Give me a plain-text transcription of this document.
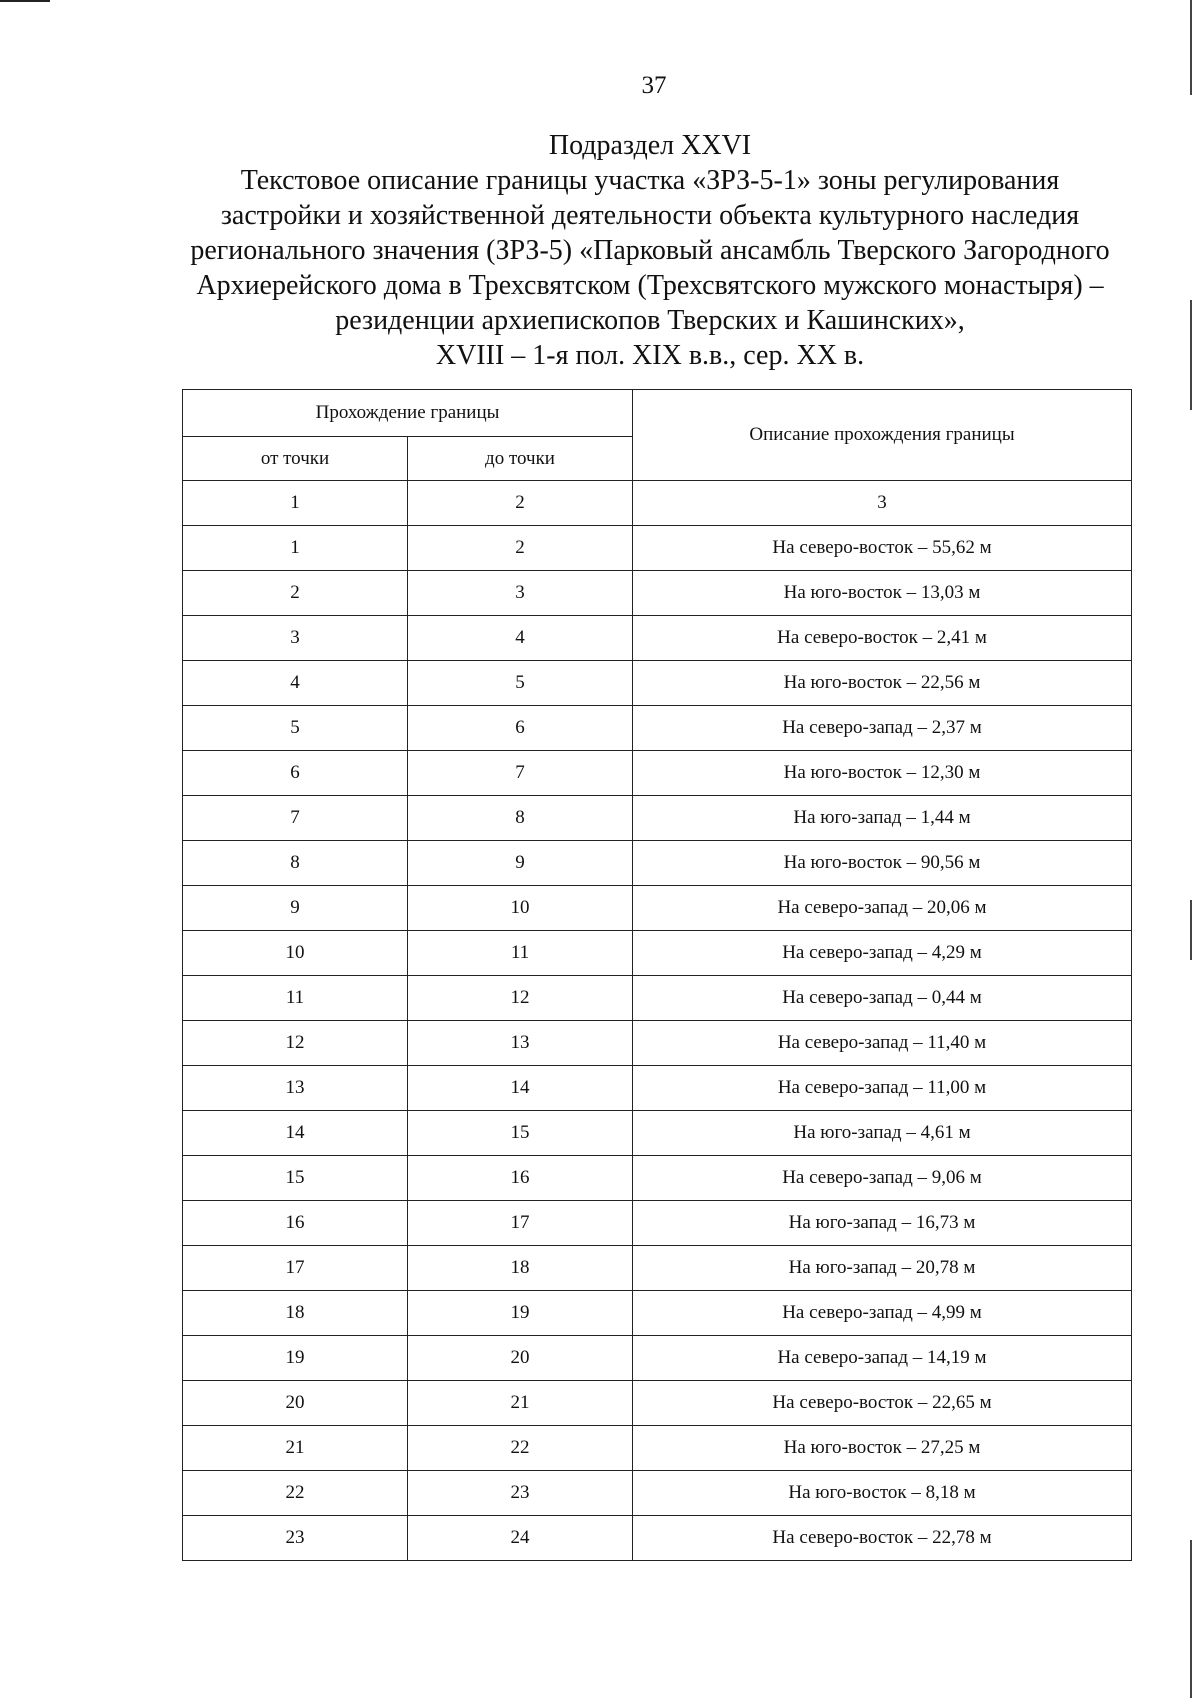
37
Подраздел XXVI
Текстовое описание границы участка «ЗРЗ-5-1» зоны регулирования
застройки и хозяйственной деятельности объекта культурного наследия
регионального значения (ЗРЗ-5) «Парковый ансамбль Тверского Загородного
Архиерейского дома в Трехсвятском (Трехсвятского мужского монастыря) –
резиденции архиепископов Тверских и Кашинских»,
XVIII – 1-я пол. XIX в.в., сер. XX в.
Прохождение границы		Описание прохождения границы
от точки	до точки	
1	2	3
1	2	На северо-восток – 55,62 м
2	3	На юго-восток – 13,03 м
3	4	На северо-восток – 2,41 м
4	5	На юго-восток – 22,56 м
5	6	На северо-запад – 2,37 м
6	7	На юго-восток – 12,30 м
7	8	На юго-запад – 1,44 м
8	9	На юго-восток – 90,56 м
9	10	На северо-запад – 20,06 м
10	11	На северо-запад – 4,29 м
11	12	На северо-запад – 0,44 м
12	13	На северо-запад – 11,40 м
13	14	На северо-запад – 11,00 м
14	15	На юго-запад – 4,61 м
15	16	На северо-запад – 9,06 м
16	17	На юго-запад – 16,73 м
17	18	На юго-запад – 20,78 м
18	19	На северо-запад – 4,99 м
19	20	На северо-запад – 14,19 м
20	21	На северо-восток – 22,65 м
21	22	На юго-восток – 27,25 м
22	23	На юго-восток – 8,18 м
23	24	На северо-восток – 22,78 м
